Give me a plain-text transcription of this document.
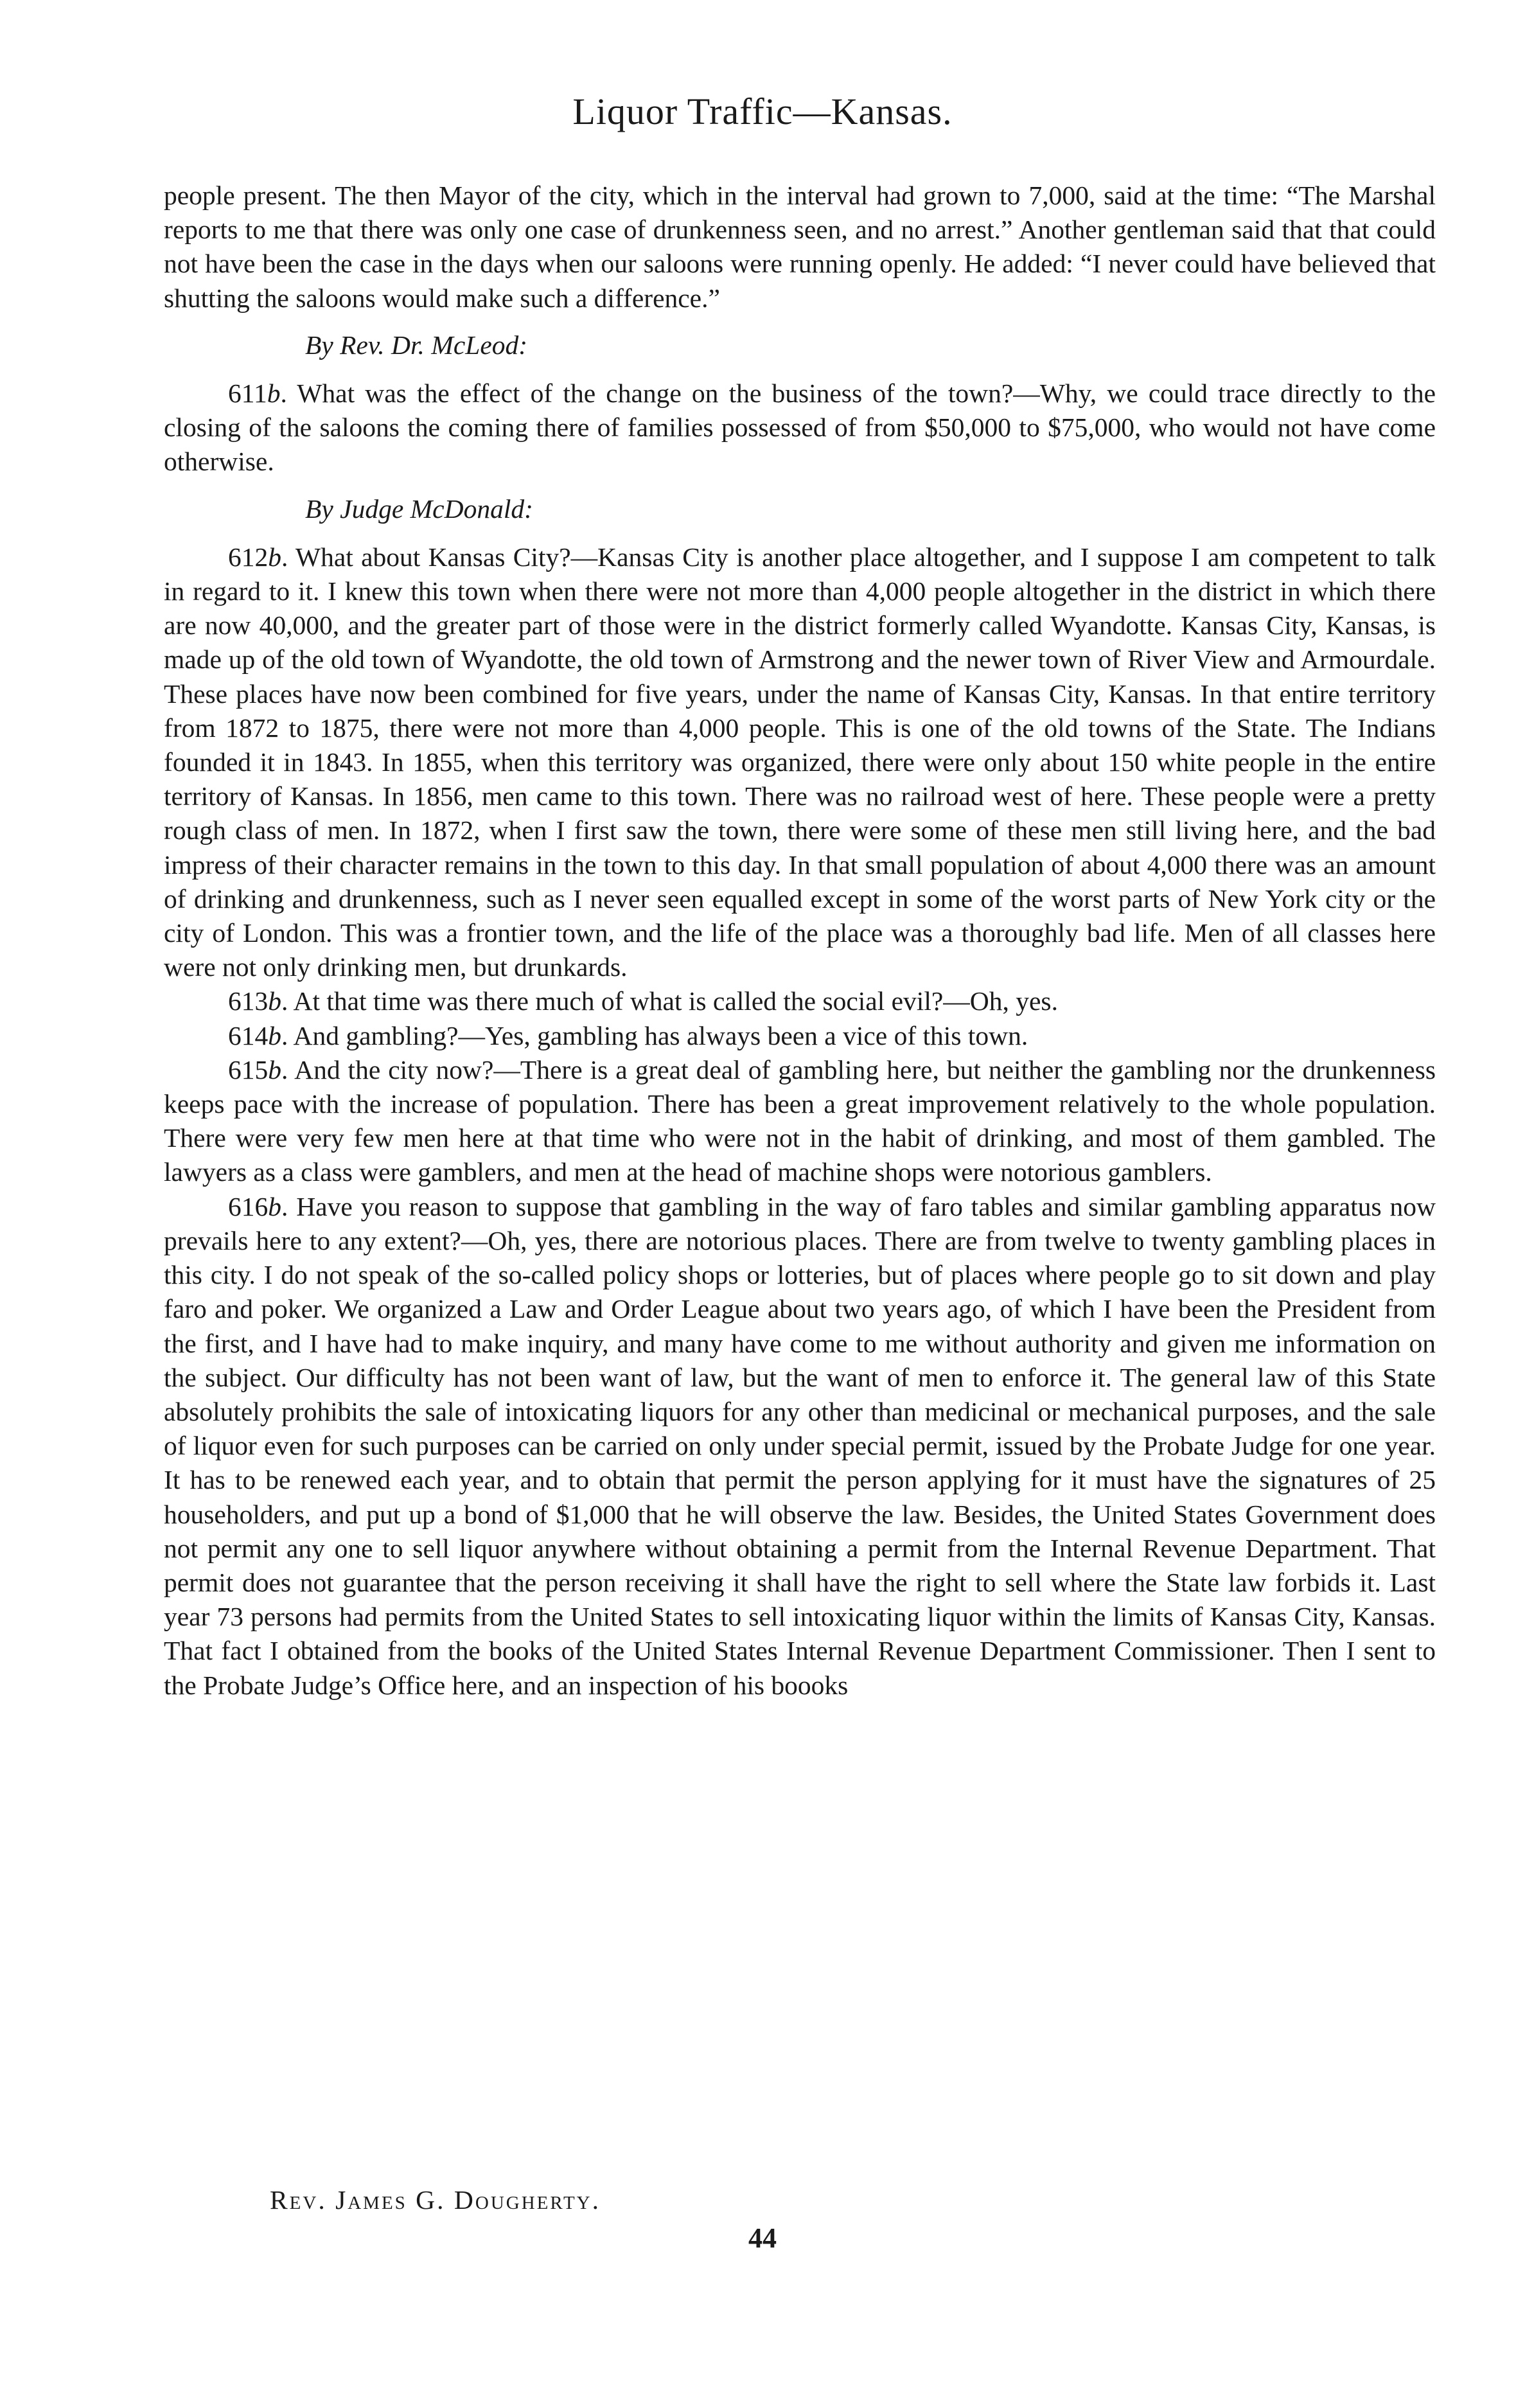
Liquor Traffic—Kansas.

people present. The then Mayor of the city, which in the interval had grown to 7,000, said at the time: “The Marshal reports to me that there was only one case of drunkenness seen, and no arrest.” Another gentleman said that that could not have been the case in the days when our saloons were running openly. He added: “I never could have believed that shutting the saloons would make such a difference.”

By Rev. Dr. McLeod:

611b. What was the effect of the change on the business of the town?—Why, we could trace directly to the closing of the saloons the coming there of families possessed of from $50,000 to $75,000, who would not have come otherwise.

By Judge McDonald:

612b. What about Kansas City?—Kansas City is another place altogether, and I suppose I am competent to talk in regard to it. I knew this town when there were not more than 4,000 people altogether in the district in which there are now 40,000, and the greater part of those were in the district formerly called Wyandotte. Kansas City, Kansas, is made up of the old town of Wyandotte, the old town of Armstrong and the newer town of River View and Armourdale. These places have now been combined for five years, under the name of Kansas City, Kansas. In that entire territory from 1872 to 1875, there were not more than 4,000 people. This is one of the old towns of the State. The Indians founded it in 1843. In 1855, when this territory was organized, there were only about 150 white people in the entire territory of Kansas. In 1856, men came to this town. There was no railroad west of here. These people were a pretty rough class of men. In 1872, when I first saw the town, there were some of these men still living here, and the bad impress of their character remains in the town to this day. In that small population of about 4,000 there was an amount of drinking and drunkenness, such as I never seen equalled except in some of the worst parts of New York city or the city of London. This was a frontier town, and the life of the place was a thoroughly bad life. Men of all classes here were not only drinking men, but drunkards.

613b. At that time was there much of what is called the social evil?—Oh, yes.

614b. And gambling?—Yes, gambling has always been a vice of this town.

615b. And the city now?—There is a great deal of gambling here, but neither the gambling nor the drunkenness keeps pace with the increase of population. There has been a great improvement relatively to the whole population. There were very few men here at that time who were not in the habit of drinking, and most of them gambled. The lawyers as a class were gamblers, and men at the head of machine shops were notorious gamblers.

616b. Have you reason to suppose that gambling in the way of faro tables and similar gambling apparatus now prevails here to any extent?—Oh, yes, there are notorious places. There are from twelve to twenty gambling places in this city. I do not speak of the so-called policy shops or lotteries, but of places where people go to sit down and play faro and poker. We organized a Law and Order League about two years ago, of which I have been the President from the first, and I have had to make inquiry, and many have come to me without authority and given me information on the subject. Our difficulty has not been want of law, but the want of men to enforce it. The general law of this State absolutely prohibits the sale of intoxicating liquors for any other than medicinal or mechanical purposes, and the sale of liquor even for such purposes can be carried on only under special permit, issued by the Probate Judge for one year. It has to be renewed each year, and to obtain that permit the person applying for it must have the signatures of 25 householders, and put up a bond of $1,000 that he will observe the law. Besides, the United States Government does not permit any one to sell liquor anywhere without obtaining a permit from the Internal Revenue Department. That permit does not guarantee that the person receiving it shall have the right to sell where the State law forbids it. Last year 73 persons had permits from the United States to sell intoxicating liquor within the limits of Kansas City, Kansas. That fact I obtained from the books of the United States Internal Revenue Department Commissioner. Then I sent to the Probate Judge’s Office here, and an inspection of his boooks

Rev. James G. Dougherty.
44
